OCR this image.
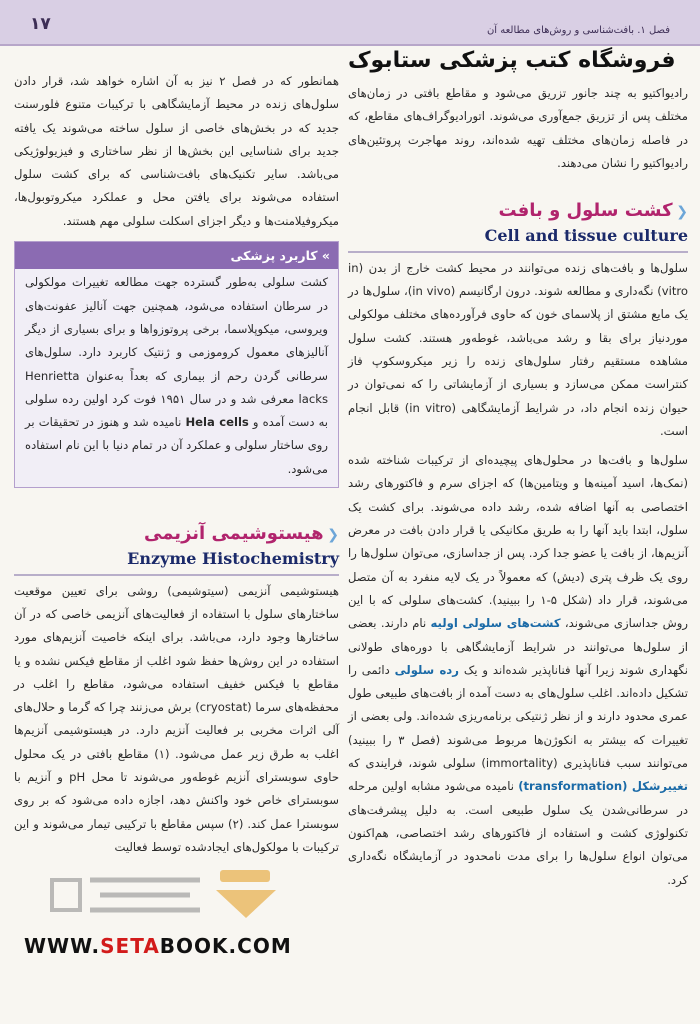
۱۷	فصل ۱. بافت‌شناسی و روش‌های مطالعه آن
فروشگاه کتب پزشکی ستابوک

رادیواکتیو به چند جانور تزریق می‌شود و مقاطع بافتی در زمان‌های مختلف پس از تزریق جمع‌آوری می‌شوند. اتورادیوگراف‌های مقاطع، که در فاصله زمان‌های مختلف تهیه شده‌اند، روند مهاجرت پروتئین‌های رادیواکتیو را نشان می‌دهند.

❮ کشت سلول و بافت
Cell and tissue culture

سلول‌ها و بافت‌های زنده می‌توانند در محیط کشت خارج از بدن (in vitro) نگه‌داری و مطالعه شوند. درون ارگانیسم (in vivo)، سلول‌ها در یک مایع مشتق از پلاسمای خون که حاوی فرآورده‌های مختلف مولکولی موردنیاز برای بقا و رشد می‌باشد، غوطه‌ور هستند. کشت سلول مشاهده مستقیم رفتار سلول‌های زنده را زیر میکروسکوپ فاز کنتراست ممکن می‌سازد و بسیاری از آزمایشاتی را که نمی‌توان در حیوان زنده انجام داد، در شرایط آزمایشگاهی (in vitro) قابل انجام است.

سلول‌ها و بافت‌ها در محلول‌های پیچیده‌ای از ترکیبات شناخته شده (نمک‌ها، اسید آمینه‌ها و ویتامین‌ها) که اجزای سرم و فاکتورهای رشد اختصاصی به آنها اضافه شده، رشد داده می‌شوند. برای کشت یک سلول، ابتدا باید آنها را به طریق مکانیکی یا قرار دادن بافت در معرض آنزیم‌ها، از بافت یا عضو جدا کرد. پس از جداسازی، می‌توان سلول‌ها را روی یک ظرف پتری (دیش) که معمولاً در یک لایه منفرد به آن متصل می‌شوند، قرار داد (شکل ۵-۱ را ببینید). کشت‌های سلولی که با این روش جداسازی می‌شوند، کشت‌های سلولی اولیه نام دارند. بعضی از سلول‌ها می‌توانند در شرایط آزمایشگاهی با دوره‌های طولانی نگهداری شوند زیرا آنها فناناپذیر شده‌اند و یک رده سلولی دائمی را تشکیل داده‌اند. اغلب سلول‌های به دست آمده از بافت‌های طبیعی طول عمری محدود دارند و از نظر ژنتیکی برنامه‌ریزی شده‌اند. ولی بعضی از تغییرات که بیشتر به انکوژن‌ها مربوط می‌شوند (فصل ۳ را ببینید) می‌توانند سبب فناناپذیری (immortality) سلولی شوند، فرایندی که تغییرشکل (transformation) نامیده می‌شود مشابه اولین مرحله در سرطانی‌شدن یک سلول طبیعی است. به دلیل پیشرفت‌های تکنولوژی کشت و استفاده از فاکتورهای رشد اختصاصی، هم‌اکنون می‌توان انواع سلول‌ها را برای مدت نامحدود در آزمایشگاه نگه‌داری کرد.

همانطور که در فصل ۲ نیز به آن اشاره خواهد شد، قرار دادن سلول‌های زنده در محیط آزمایشگاهی با ترکیبات متنوع فلورسنت جدید که در بخش‌های خاصی از سلول ساخته می‌شوند یک یافته جدید برای شناسایی این بخش‌ها از نظر ساختاری و فیزیولوژیکی می‌باشد. سایر تکنیک‌های بافت‌شناسی که برای کشت سلول استفاده می‌شوند برای یافتن محل و عملکرد میکروتوبول‌ها، میکروفیلامنت‌ها و دیگر اجزای اسکلت سلولی مهم هستند.

» کاربرد پزشکی
کشت سلولی به‌طور گسترده جهت مطالعه تغییرات مولکولی در سرطان استفاده می‌شود، همچنین جهت آنالیز عفونت‌های ویروسی، میکوپلاسما، برخی پروتوزواها و برای بسیاری از دیگر آنالیزهای معمول کروموزمی و ژنتیک کاربرد دارد. سلول‌های سرطانی گردن رحم از بیماری که بعداً به‌عنوان Henrietta lacks معرفی شد و در سال ۱۹۵۱ فوت کرد اولین رده سلولی به دست آمده و Hela cells نامیده شد و هنوز در تحقیقات بر روی ساختار سلولی و عملکرد آن در تمام دنیا با این نام استفاده می‌شود.
❮ هیستوشیمی آنزیمی
Enzyme Histochemistry

هیستوشیمی آنزیمی (سیتوشیمی) روشی برای تعیین موقعیت ساختارهای سلول با استفاده از فعالیت‌های آنزیمی خاصی که در آن ساختارها وجود دارد، می‌باشد. برای اینکه خاصیت آنزیم‌های مورد استفاده در این روش‌ها حفظ شود اغلب از مقاطع فیکس نشده و یا مقاطع با فیکس خفیف استفاده می‌شود، مقاطع را اغلب در محفظه‌های سرما (cryostat) برش می‌زنند چرا که گرما و حلال‌های آلی اثرات مخربی بر فعالیت آنزیم دارد. در هیستوشیمی آنزیم‌ها اغلب به طرق زیر عمل می‌شود. (۱) مقاطع بافتی در یک محلول حاوی سوبسترای آنزیم غوطه‌ور می‌شوند تا محل pH و آنزیم با سوبسترای خاص خود واکنش دهد، اجازه داده می‌شود که بر روی سوبسترا عمل کند. (۲) سپس مقاطع با ترکیبی تیمار می‌شوند و این ترکیبات با مولکول‌های ایجادشده توسط فعالیت

WWW.SETABOOK.COM
